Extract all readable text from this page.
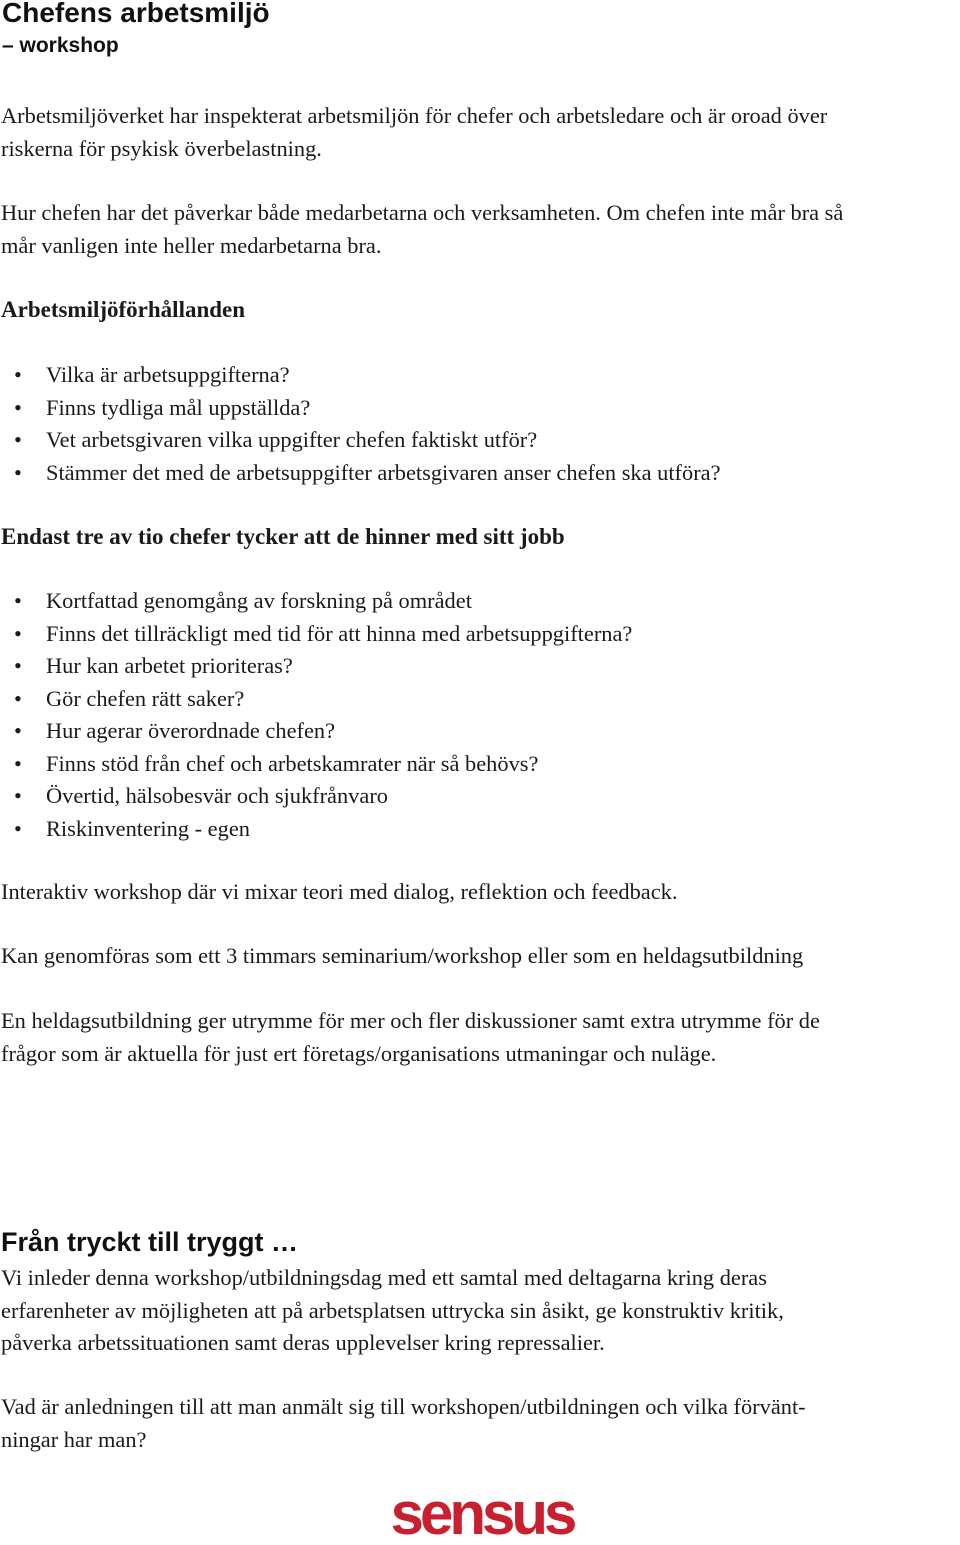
Chefens arbetsmiljö
– workshop

Arbetsmiljöverket har inspekterat arbetsmiljön för chefer och arbetsledare och är oroad över
riskerna för psykisk överbelastning.

Hur chefen har det påverkar både medarbetarna och verksamheten. Om chefen inte mår bra så
mår vanligen inte heller medarbetarna bra.

Arbetsmiljöförhållanden
• Vilka är arbetsuppgifterna?
• Finns tydliga mål uppställda?
• Vet arbetsgivaren vilka uppgifter chefen faktiskt utför?
• Stämmer det med de arbetsuppgifter arbetsgivaren anser chefen ska utföra?
Endast tre av tio chefer tycker att de hinner med sitt jobb
• Kortfattad genomgång av forskning på området
• Finns det tillräckligt med tid för att hinna med arbetsuppgifterna?
• Hur kan arbetet prioriteras?
• Gör chefen rätt saker?
• Hur agerar överordnade chefen?
• Finns stöd från chef och arbetskamrater när så behövs?
• Övertid, hälsobesvär och sjukfrånvaro
• Riskinventering - egen

Interaktiv workshop där vi mixar teori med dialog, reflektion och feedback.

Kan genomföras som ett 3 timmars seminarium/workshop eller som en heldagsutbildning

En heldagsutbildning ger utrymme för mer och fler diskussioner samt extra utrymme för de
frågor som är aktuella för just ert företags/organisations utmaningar och nuläge.

Från tryckt till tryggt …

Vi inleder denna workshop/utbildningsdag med ett samtal med deltagarna kring deras
erfarenheter av möjligheten att på arbetsplatsen uttrycka sin åsikt, ge konstruktiv kritik,
påverka arbetssituationen samt deras upplevelser kring repressalier.

Vad är anledningen till att man anmält sig till workshopen/utbildningen och vilka förvänt-
ningar har man?

sensus
